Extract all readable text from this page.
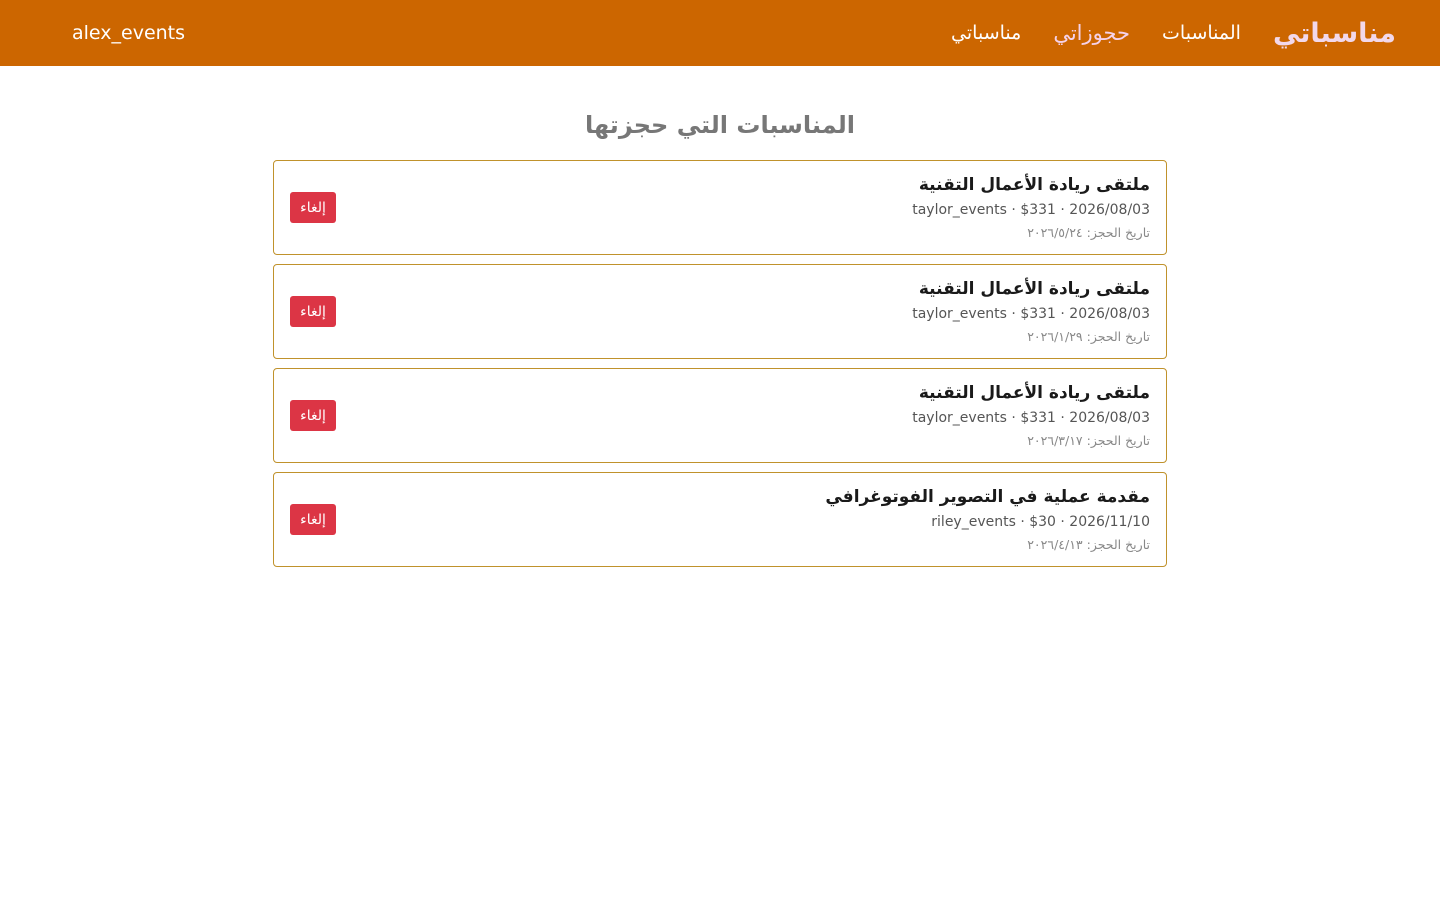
مناسباتي
المناسبات
حجوزاتي
مناسباتي
alex_events
المناسبات التي حجزتها
ملتقى ريادة الأعمال التقنية
taylor_events · $331 · 2026/08/03
تاريخ الحجز: ٢٠٢٦/٥/٢٤
إلغاء
ملتقى ريادة الأعمال التقنية
taylor_events · $331 · 2026/08/03
تاريخ الحجز: ٢٠٢٦/١/٢٩
إلغاء
ملتقى ريادة الأعمال التقنية
taylor_events · $331 · 2026/08/03
تاريخ الحجز: ٢٠٢٦/٣/١٧
إلغاء
مقدمة عملية في التصوير الفوتوغرافي
riley_events · $30 · 2026/11/10
تاريخ الحجز: ٢٠٢٦/٤/١٣
إلغاء
